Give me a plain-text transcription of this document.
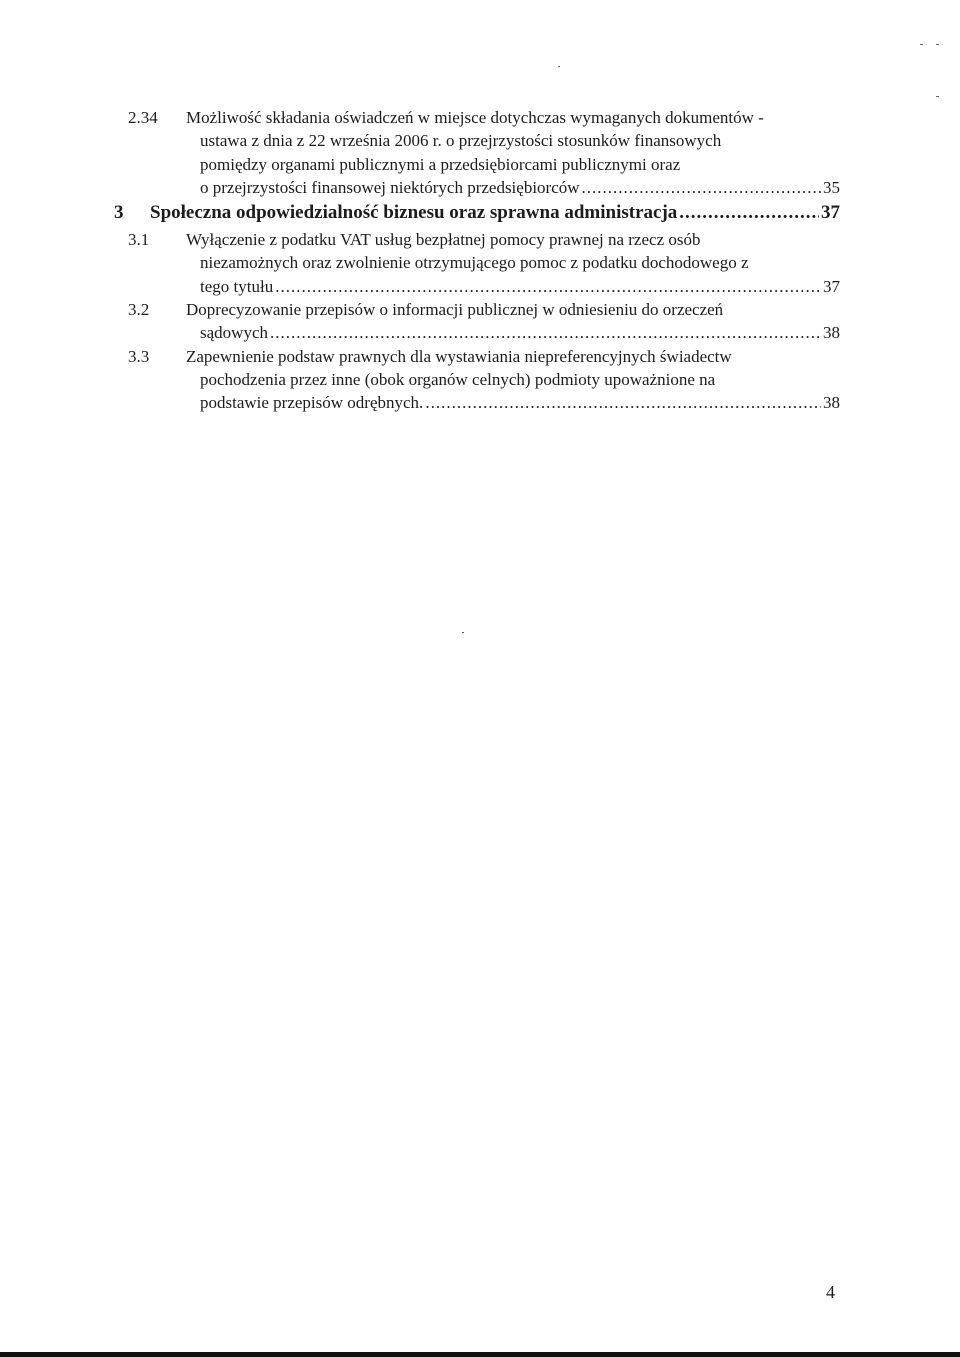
2.34 Możliwość składania oświadczeń w miejsce dotychczas wymaganych dokumentów -
ustawa z dnia z 22 września 2006 r. o przejrzystości stosunków finansowych
pomiędzy organami publicznymi a przedsiębiorcami publicznymi oraz
o przejrzystości finansowej niektórych przedsiębiorców .....	35
3 Społeczna odpowiedzialność biznesu oraz sprawna administracja .....	37
3.1 Wyłączenie z podatku VAT usług bezpłatnej pomocy prawnej na rzecz osób
niezamożnych oraz zwolnienie otrzymującego pomoc z podatku dochodowego z
tego tytułu .....	37
3.2 Doprecyzowanie przepisów o informacji publicznej w odniesieniu do orzeczeń
sądowych .....	38
3.3 Zapewnienie podstaw prawnych dla wystawiania niepreferencyjnych świadectw
pochodzenia przez inne (obok organów celnych) podmioty upoważnione na
podstawie przepisów odrębnych. .....	38
4
